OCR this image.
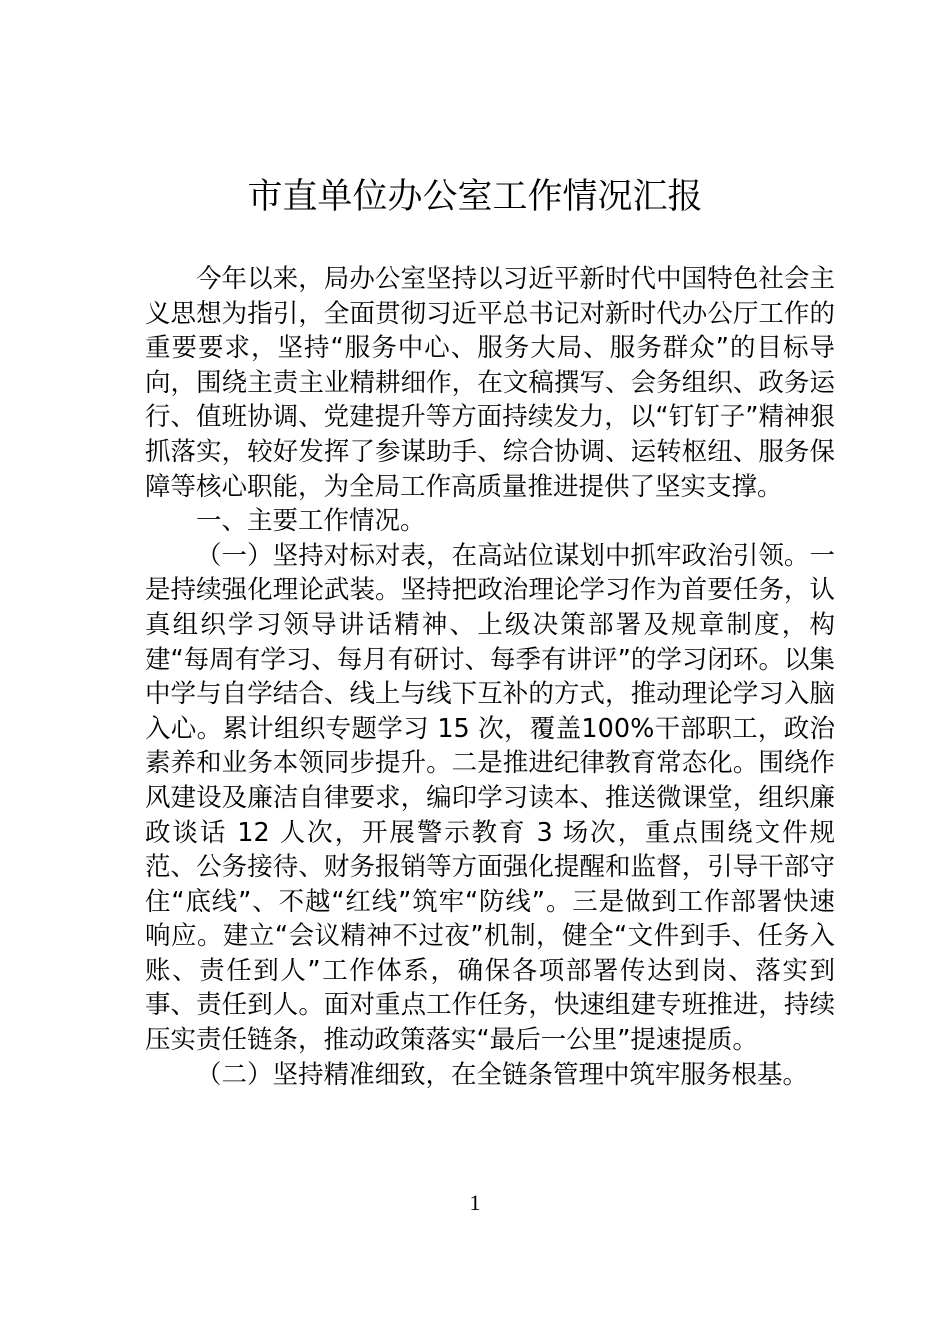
市直单位办公室工作情况汇报

今年以来，局办公室坚持以习近平新时代中国特色社会主义思想为指引，全面贯彻习近平总书记对新时代办公厅工作的重要要求，坚持“服务中心、服务大局、服务群众”的目标导向，围绕主责主业精耕细作，在文稿撰写、会务组织、政务运行、值班协调、党建提升等方面持续发力，以“钉钉子”精神狠抓落实，较好发挥了参谋助手、综合协调、运转枢纽、服务保障等核心职能，为全局工作高质量推进提供了坚实支撑。

一、主要工作情况。

（一）坚持对标对表，在高站位谋划中抓牢政治引领。一是持续强化理论武装。坚持把政治理论学习作为首要任务，认真组织学习领导讲话精神、上级决策部署及规章制度，构建“每周有学习、每月有研讨、每季有讲评”的学习闭环。以集中学与自学结合、线上与线下互补的方式，推动理论学习入脑入心。累计组织专题学习 15 次，覆盖100%干部职工，政治素养和业务本领同步提升。二是推进纪律教育常态化。围绕作风建设及廉洁自律要求，编印学习读本、推送微课堂，组织廉政谈话 12 人次，开展警示教育 3 场次，重点围绕文件规范、公务接待、财务报销等方面强化提醒和监督，引导干部守住“底线”、不越“红线”筑牢“防线”。三是做到工作部署快速响应。建立“会议精神不过夜”机制，健全“文件到手、任务入账、责任到人”工作体系，确保各项部署传达到岗、落实到事、责任到人。面对重点工作任务，快速组建专班推进，持续压实责任链条，推动政策落实“最后一公里”提速提质。

（二）坚持精准细致，在全链条管理中筑牢服务根基。

1
